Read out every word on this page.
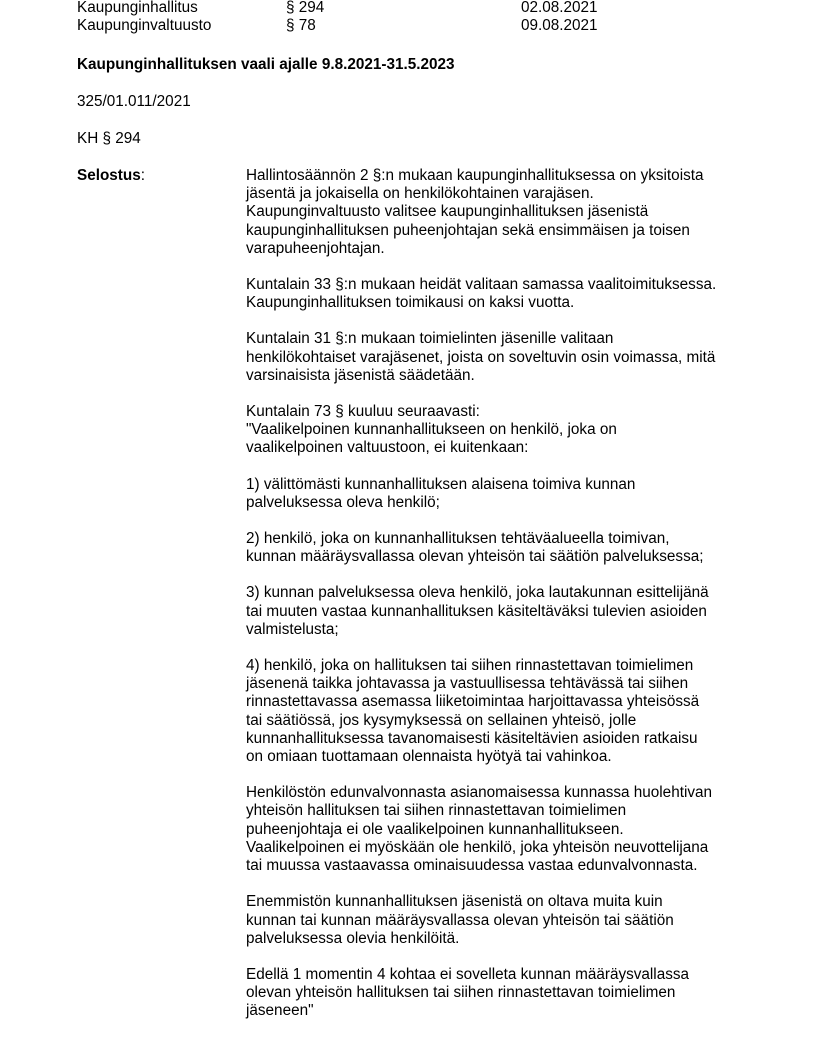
Kaupunginhallitus	§ 294	02.08.2021
Kaupunginvaltuusto	§ 78	09.08.2021
Kaupunginhallituksen vaali ajalle 9.8.2021-31.5.2023
325/01.011/2021
KH § 294
Selostus:	Hallintosäännön 2 §:n mukaan kaupunginhallituksessa on yksitoista
jäsentä ja jokaisella on henkilökohtainen varajäsen.
Kaupunginvaltuusto valitsee kaupunginhallituksen jäsenistä
kaupunginhallituksen puheenjohtajan sekä ensimmäisen ja toisen
varapuheenjohtajan.
Kuntalain 33 §:n mukaan heidät valitaan samassa vaalitoimituksessa.
Kaupunginhallituksen toimikausi on kaksi vuotta.
Kuntalain 31 §:n mukaan toimielinten jäsenille valitaan
henkilökohtaiset varajäsenet, joista on soveltuvin osin voimassa, mitä
varsinaisista jäsenistä säädetään.
Kuntalain 73 § kuuluu seuraavasti:
"Vaalikelpoinen kunnanhallitukseen on henkilö, joka on
vaalikelpoinen valtuustoon, ei kuitenkaan:
1) välittömästi kunnanhallituksen alaisena toimiva kunnan
palveluksessa oleva henkilö;
2) henkilö, joka on kunnanhallituksen tehtäväalueella toimivan,
kunnan määräysvallassa olevan yhteisön tai säätiön palveluksessa;
3) kunnan palveluksessa oleva henkilö, joka lautakunnan esittelijänä
tai muuten vastaa kunnanhallituksen käsiteltäväksi tulevien asioiden
valmistelusta;
4) henkilö, joka on hallituksen tai siihen rinnastettavan toimielimen
jäsenenä taikka johtavassa ja vastuullisessa tehtävässä tai siihen
rinnastettavassa asemassa liiketoimintaa harjoittavassa yhteisössä
tai säätiössä, jos kysymyksessä on sellainen yhteisö, jolle
kunnanhallituksessa tavanomaisesti käsiteltävien asioiden ratkaisu
on omiaan tuottamaan olennaista hyötyä tai vahinkoa.
Henkilöstön edunvalvonnasta asianomaisessa kunnassa huolehtivan
yhteisön hallituksen tai siihen rinnastettavan toimielimen
puheenjohtaja ei ole vaalikelpoinen kunnanhallitukseen.
Vaalikelpoinen ei myöskään ole henkilö, joka yhteisön neuvottelijana
tai muussa vastaavassa ominaisuudessa vastaa edunvalvonnasta.
Enemmistön kunnanhallituksen jäsenistä on oltava muita kuin
kunnan tai kunnan määräysvallassa olevan yhteisön tai säätiön
palveluksessa olevia henkilöitä.
Edellä 1 momentin 4 kohtaa ei sovelleta kunnan määräysvallassa
olevan yhteisön hallituksen tai siihen rinnastettavan toimielimen
jäseneen"
